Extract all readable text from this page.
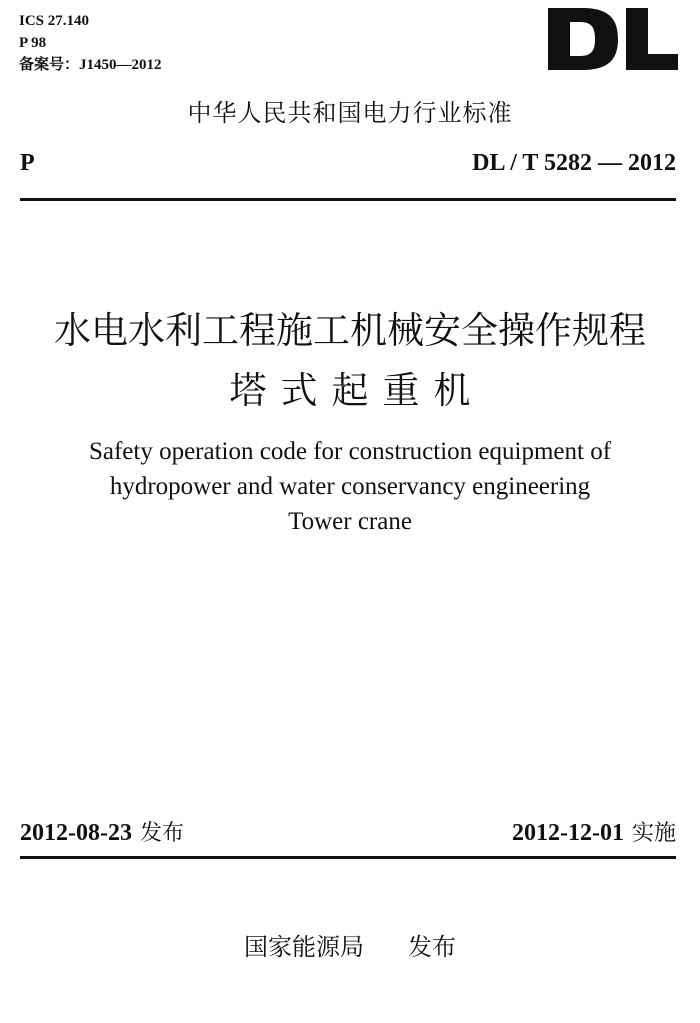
ICS 27.140
P 98
备案号：J1450—2012
中华人民共和国电力行业标准
P	DL / T 5282 — 2012
水电水利工程施工机械安全操作规程
塔式起重机
Safety operation code for construction equipment of
hydropower and water conservancy engineering
Tower crane
2012-08-23 发布	2012-12-01 实施
国家能源局 发布
